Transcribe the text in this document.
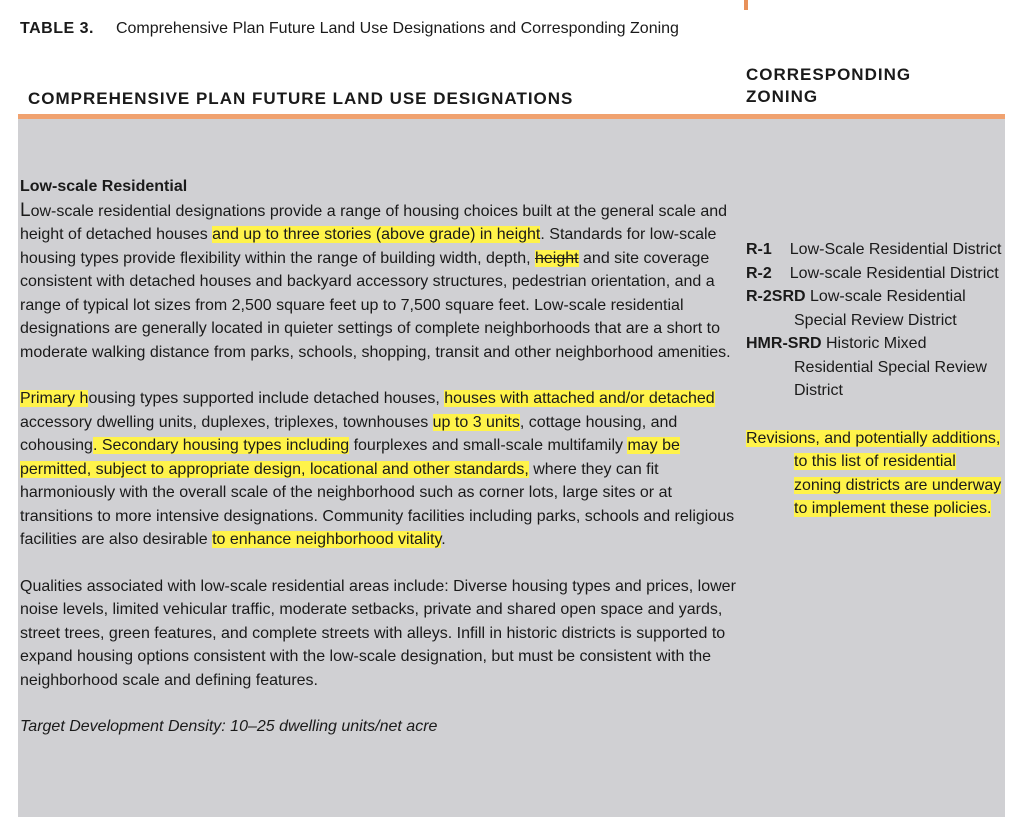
TABLE 3. Comprehensive Plan Future Land Use Designations and Corresponding Zoning
COMPREHENSIVE PLAN FUTURE LAND USE DESIGNATIONS
CORRESPONDING
ZONING

Low-scale Residential

Low-scale residential designations provide a range of housing choices built at the general scale and height of detached houses and up to three stories (above grade) in height. Standards for low-scale housing types provide flexibility within the range of building width, depth, height and site coverage consistent with detached houses and backyard accessory structures, pedestrian orientation, and a range of typical lot sizes from 2,500 square feet up to 7,500 square feet. Low-scale residential designations are generally located in quieter settings of complete neighborhoods that are a short to moderate walking distance from parks, schools, shopping, transit and other neighborhood amenities.

Primary housing types supported include detached houses, houses with attached and/or detached accessory dwelling units, duplexes, triplexes, townhouses up to 3 units, cottage housing, and cohousing. Secondary housing types including fourplexes and small-scale multifamily may be permitted, subject to appropriate design, locational and other standards, where they can fit harmoniously with the overall scale of the neighborhood such as corner lots, large sites or at transitions to more intensive designations. Community facilities including parks, schools and religious facilities are also desirable to enhance neighborhood vitality.

Qualities associated with low-scale residential areas include: Diverse housing types and prices, lower noise levels, limited vehicular traffic, moderate setbacks, private and shared open space and yards, street trees, green features, and complete streets with alleys. Infill in historic districts is supported to expand housing options consistent with the low-scale designation, but must be consistent with the neighborhood scale and defining features.

Target Development Density: 10–25 dwelling units/net acre

R-1 Low-Scale Residential District
R-2 Low-scale Residential District
R-2SRD Low-scale Residential Special Review District
HMR-SRD Historic Mixed Residential Special Review District
Revisions, and potentially additions, to this list of residential zoning districts are underway to implement these policies.
